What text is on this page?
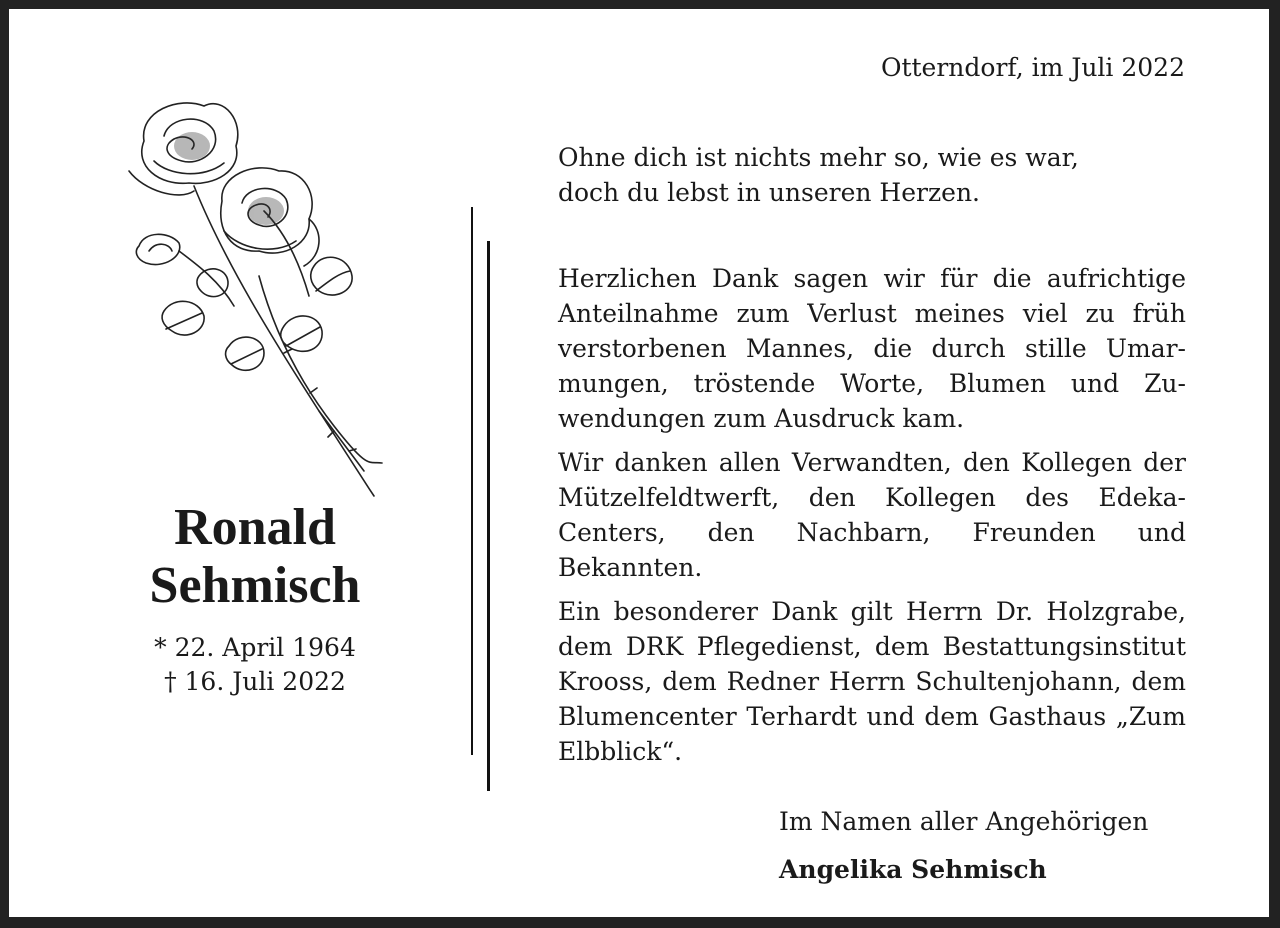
Otterndorf, im Juli 2022
Ronald
Sehmisch
* 22. April 1964
† 16. Juli 2022
Ohne dich ist nichts mehr so, wie es war,
doch du lebst in unseren Herzen.

Herzlichen Dank sagen wir für die aufrichtige Anteilnahme zum Verlust meines viel zu früh verstorbenen Mannes, die durch stille Umarmungen, tröstende Worte, Blumen und Zuwendungen zum Ausdruck kam.

Wir danken allen Verwandten, den Kollegen der Mützelfeldtwerft, den Kollegen des Edeka-Centers, den Nachbarn, Freunden und Bekannten.

Ein besonderer Dank gilt Herrn Dr. Holzgrabe, dem DRK Pflegedienst, dem Bestattungsinstitut Krooss, dem Redner Herrn Schultenjohann, dem Blumencenter Terhardt und dem Gasthaus „Zum Elbblick“.

Im Namen aller Angehörigen
Angelika Sehmisch
